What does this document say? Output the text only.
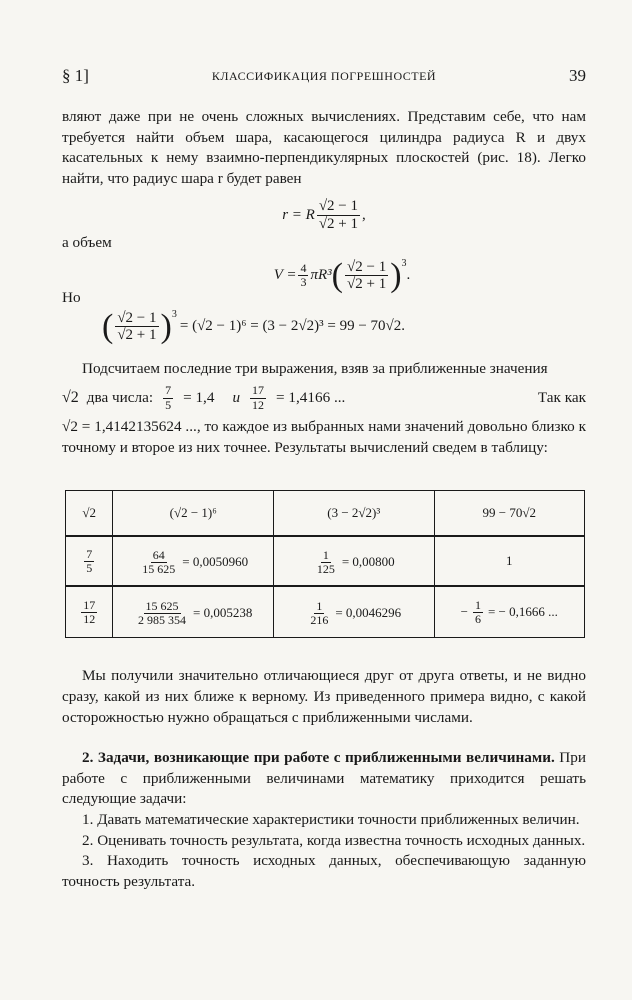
§ 1]	КЛАССИФИКАЦИЯ ПОГРЕШНОСТЕЙ	39

вляют даже при не очень сложных вычислениях. Представим себе, что нам требуется найти объем шара, касающегося цилиндра радиуса R и двух касательных к нему взаимно-перпендикулярных плоскостей (рис. 18). Легко найти, что радиус шара r будет равен

r = R $\frac{√2 - 1}{√2 + 1}$ ,

а объем

$V = \frac{4}{3} \pi R^3$ ( $\frac{√2 - 1}{√2 + 1} )^3$
.

Но

( $\frac{√2 - 1}{√2 + 1} )^3$
= (√2 − 1)⁶ = (3 − 2√2)³ = 99 − 70√2.

Подсчитаем последние три выражения, взяв за приближенные значения

√2 два числа: $\frac{7}{5} = 1,4$ и $\frac{17}{12} = 1,4166$ ...	Так как

√2 = 1,4142135624 ..., то каждое из выбранных нами значений довольно близко к точному и второе из них точнее. Результаты вычислений сведем в таблицу:

√2	(√2 − 1)⁶	(3 − 2√2)³	99 − 70√2

$\frac{7}{5}$	$\frac{64}{15 625} = 0,0050960$	$\frac{1}{125} = 0,00800$	1

$\frac{17}{12}$	$\frac{15 625}{2 985 354} = 0,005238$	$\frac{1}{216} = 0,0046296$	− $\frac{1}{6}$ = − 0,1666 ...

Мы получили значительно отличающиеся друг от друга ответы, и не видно сразу, какой из них ближе к верному. Из приведенного примера видно, с какой осторожностью нужно обращаться с приближенными числами.

2. Задачи, возникающие при работе с приближенными величинами. При работе с приближенными величинами математику приходится решать следующие задачи:

1. Давать математические характеристики точности приближенных величин.

2. Оценивать точность результата, когда известна точность исходных данных.

3. Находить точность исходных данных, обеспечивающую заданную точность результата.
